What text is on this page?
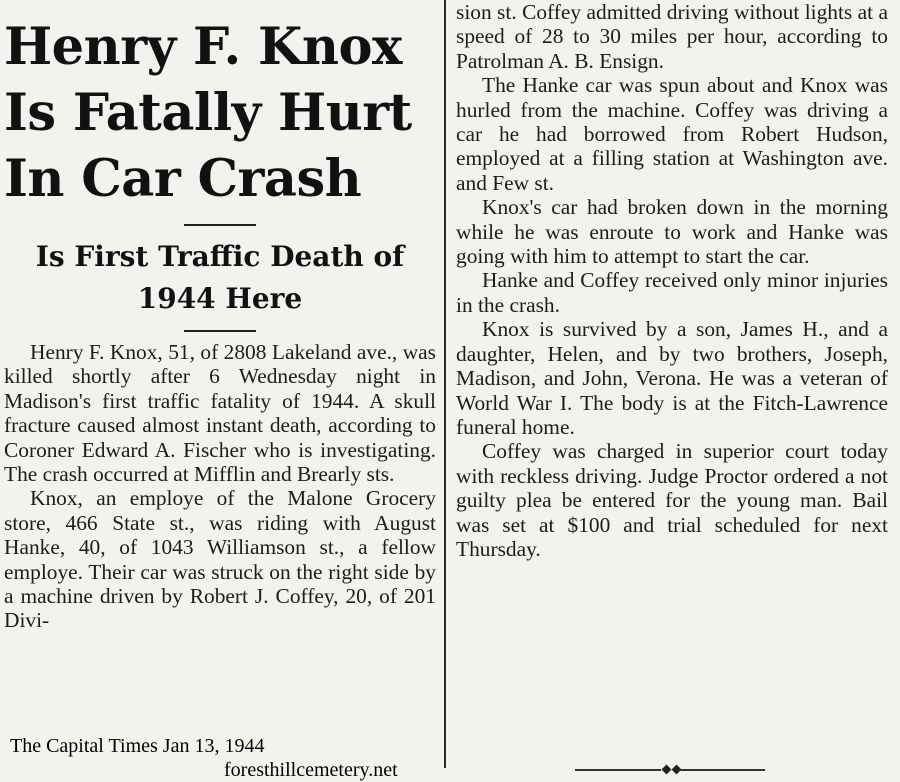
Henry F. Knox
Is Fatally Hurt
In Car Crash
Is First Traffic Death of
1944 Here

Henry F. Knox, 51, of 2808 Lakeland ave., was killed shortly after 6 Wednesday night in Madison's first traffic fatality of 1944. A skull fracture caused almost instant death, according to Coroner Edward A. Fischer who is investigating. The crash occurred at Mifflin and Brearly sts.

Knox, an employe of the Malone Grocery store, 466 State st., was riding with August Hanke, 40, of 1043 Williamson st., a fellow employe. Their car was struck on the right side by a machine driven by Robert J. Coffey, 20, of 201 Divi-

sion st. Coffey admitted driving without lights at a speed of 28 to 30 miles per hour, according to Patrolman A. B. Ensign.

The Hanke car was spun about and Knox was hurled from the machine. Coffey was driving a car he had borrowed from Robert Hudson, employed at a filling station at Washington ave. and Few st.

Knox's car had broken down in the morning while he was enroute to work and Hanke was going with him to attempt to start the car.

Hanke and Coffey received only minor injuries in the crash.

Knox is survived by a son, James H., and a daughter, Helen, and by two brothers, Joseph, Madison, and John, Verona. He was a veteran of World War I. The body is at the Fitch-Lawrence funeral home.

Coffey was charged in superior court today with reckless driving. Judge Proctor ordered a not guilty plea be entered for the young man. Bail was set at $100 and trial scheduled for next Thursday.

The Capital Times Jan 13, 1944
foresthillcemetery.net
